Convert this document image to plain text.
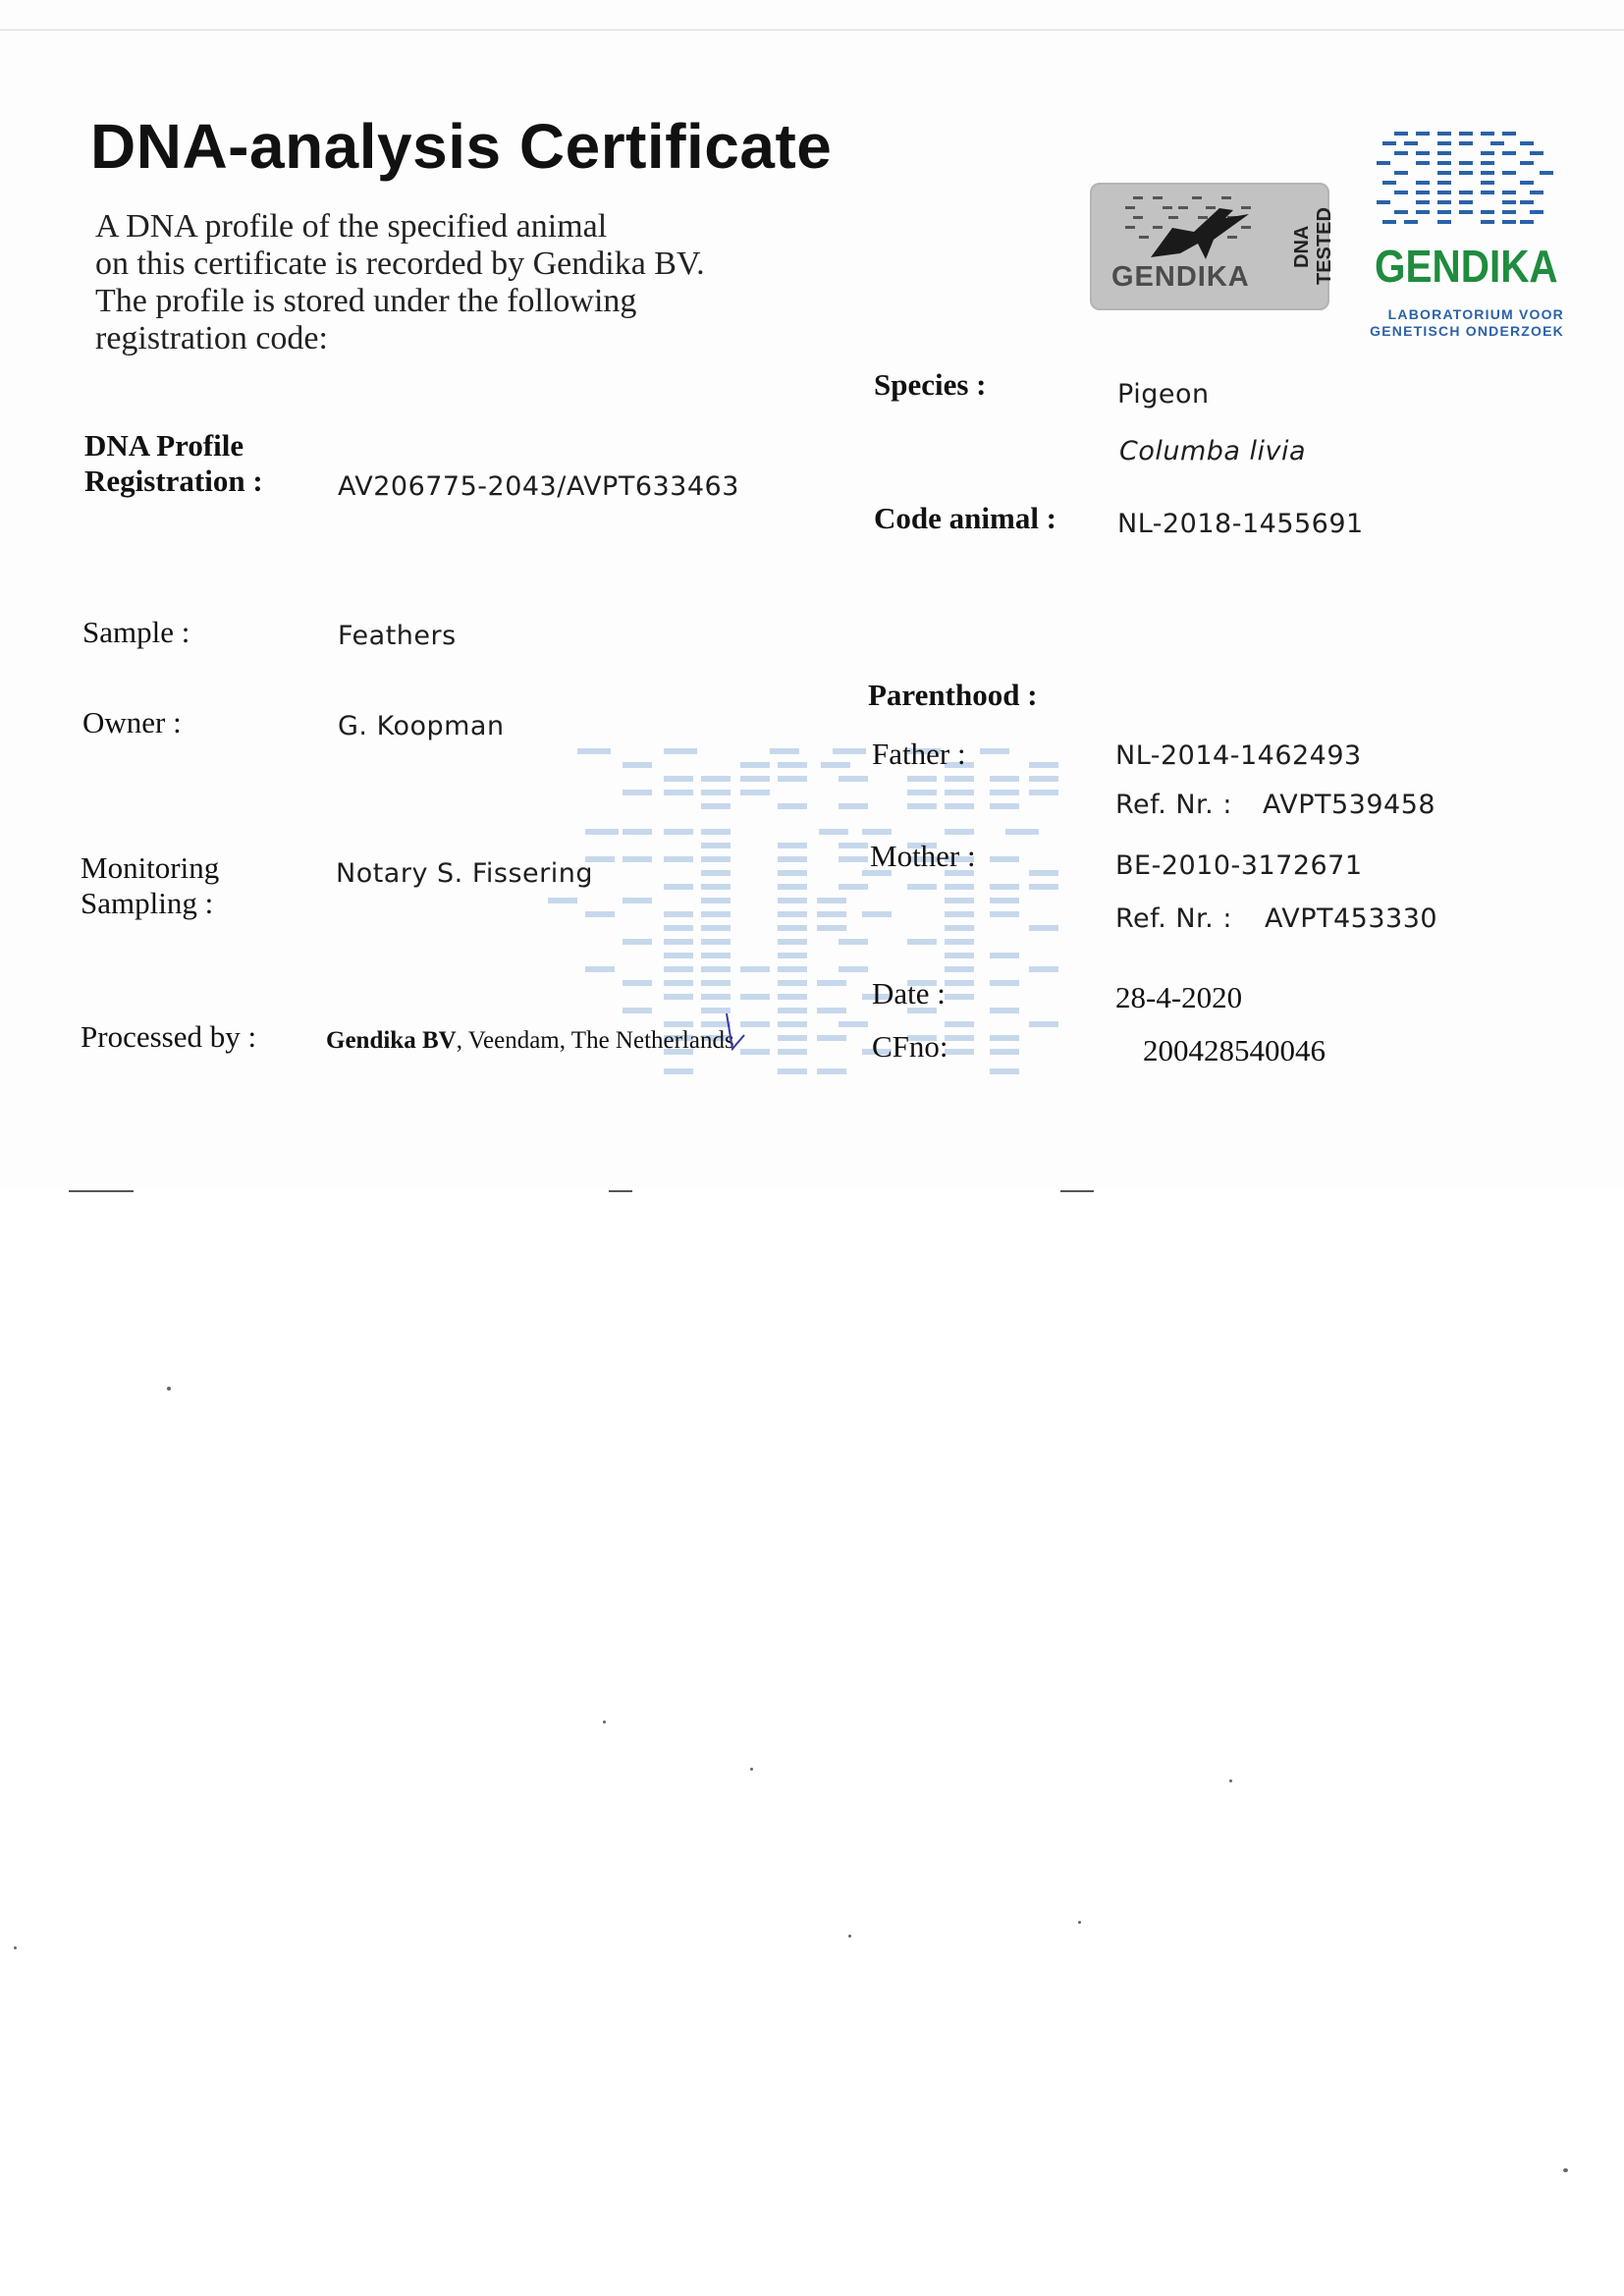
DNA-analysis Certificate
A DNA profile of the specified animal
on this certificate is recorded by Gendika BV.
The profile is stored under the following
registration code:
GENDIKA
DNA TESTED GENDIKA
LABORATORIUM VOOR
GENETISCH ONDERZOEK
DNA Profile
Registration :	AV206775-2043/AVPT633463
Sample :	Feathers
Owner :	G. Koopman
Monitoring
Sampling :
Notary S. Fissering
Processed by :	Gendika BV, Veendam, The Netherlands
Species :	Pigeon
Columba livia
Code animal : NL-2018-1455691
Parenthood :
Father :	NL-2014-1462493
Ref. Nr. : AVPT539458
Mother :	BE-2010-3172671
Ref. Nr. : AVPT453330
Date :	28-4-2020
CFno:	200428540046
